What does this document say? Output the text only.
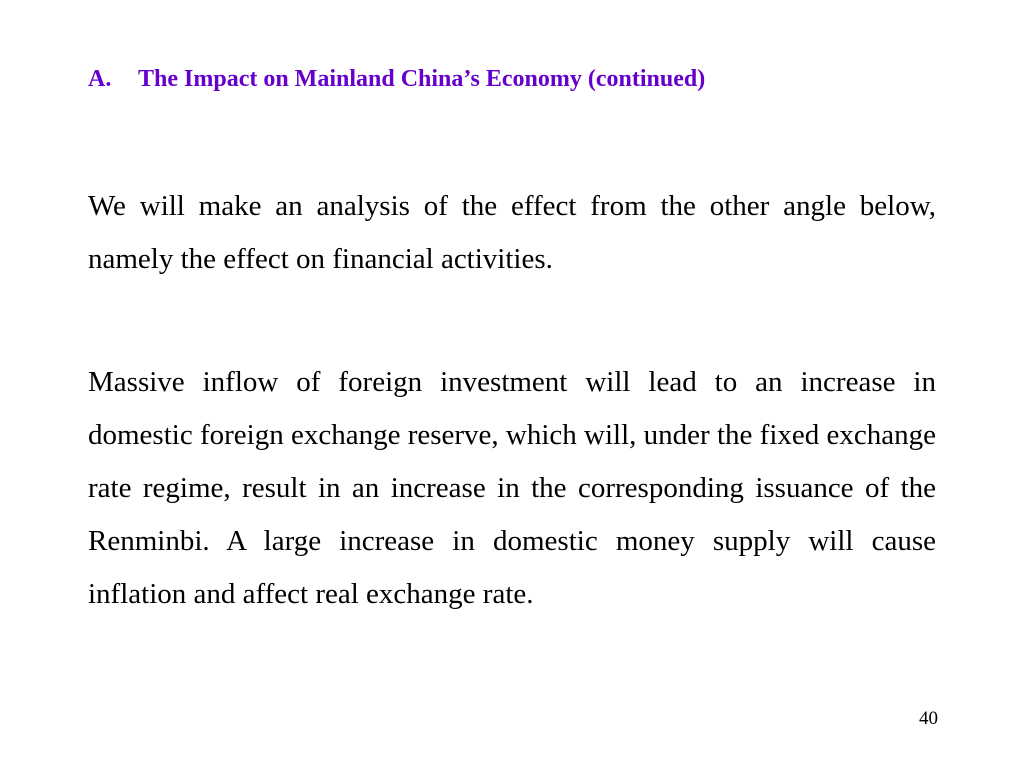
A. The Impact on Mainland China’s Economy (continued)

We will make an analysis of the effect from the other angle below, namely the effect on financial activities.

Massive inflow of foreign investment will lead to an increase in domestic foreign exchange reserve, which will, under the fixed exchange rate regime, result in an increase in the corresponding issuance of the Renminbi. A large increase in domestic money supply will cause inflation and affect real exchange rate.

40
